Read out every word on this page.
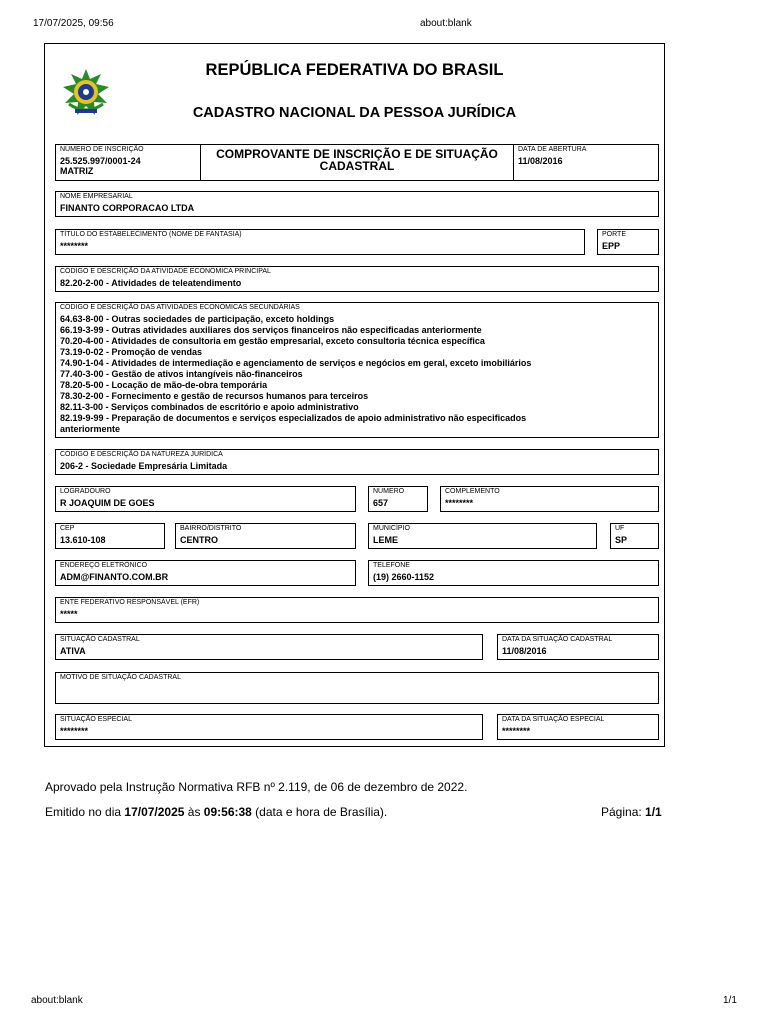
17/07/2025, 09:56	about:blank
REPÚBLICA FEDERATIVA DO BRASIL
CADASTRO NACIONAL DA PESSOA JURÍDICA
NÚMERO DE INSCRIÇÃO
25.525.997/0001-24
MATRIZ
COMPROVANTE DE INSCRIÇÃO E DE SITUAÇÃO
CADASTRAL
DATA DE ABERTURA
11/08/2016
NOME EMPRESARIAL
FINANTO CORPORACAO LTDA
TÍTULO DO ESTABELECIMENTO (NOME DE FANTASIA)
********
PORTE
EPP
CÓDIGO E DESCRIÇÃO DA ATIVIDADE ECONÔMICA PRINCIPAL
82.20-2-00 - Atividades de teleatendimento
CÓDIGO E DESCRIÇÃO DAS ATIVIDADES ECONÔMICAS SECUNDÁRIAS
64.63-8-00 - Outras sociedades de participação, exceto holdings
66.19-3-99 - Outras atividades auxiliares dos serviços financeiros não especificadas anteriormente
70.20-4-00 - Atividades de consultoria em gestão empresarial, exceto consultoria técnica específica
73.19-0-02 - Promoção de vendas
74.90-1-04 - Atividades de intermediação e agenciamento de serviços e negócios em geral, exceto imobiliários
77.40-3-00 - Gestão de ativos intangíveis não-financeiros
78.20-5-00 - Locação de mão-de-obra temporária
78.30-2-00 - Fornecimento e gestão de recursos humanos para terceiros
82.11-3-00 - Serviços combinados de escritório e apoio administrativo
82.19-9-99 - Preparação de documentos e serviços especializados de apoio administrativo não especificados
anteriormente
CÓDIGO E DESCRIÇÃO DA NATUREZA JURÍDICA
206-2 - Sociedade Empresária Limitada
LOGRADOURO
R JOAQUIM DE GOES
NÚMERO
657
COMPLEMENTO
********
CEP
13.610-108
BAIRRO/DISTRITO
CENTRO
MUNICÍPIO
LEME
UF
SP
ENDEREÇO ELETRÔNICO
ADM@FINANTO.COM.BR
TELEFONE
(19) 2660-1152
ENTE FEDERATIVO RESPONSÁVEL (EFR)
*****
SITUAÇÃO CADASTRAL
ATIVA
DATA DA SITUAÇÃO CADASTRAL
11/08/2016
MOTIVO DE SITUAÇÃO CADASTRAL
SITUAÇÃO ESPECIAL
********
DATA DA SITUAÇÃO ESPECIAL
********
Aprovado pela Instrução Normativa RFB nº 2.119, de 06 de dezembro de 2022.
Emitido no dia 17/07/2025 às 09:56:38 (data e hora de Brasília).	Página: 1/1
about:blank	1/1
